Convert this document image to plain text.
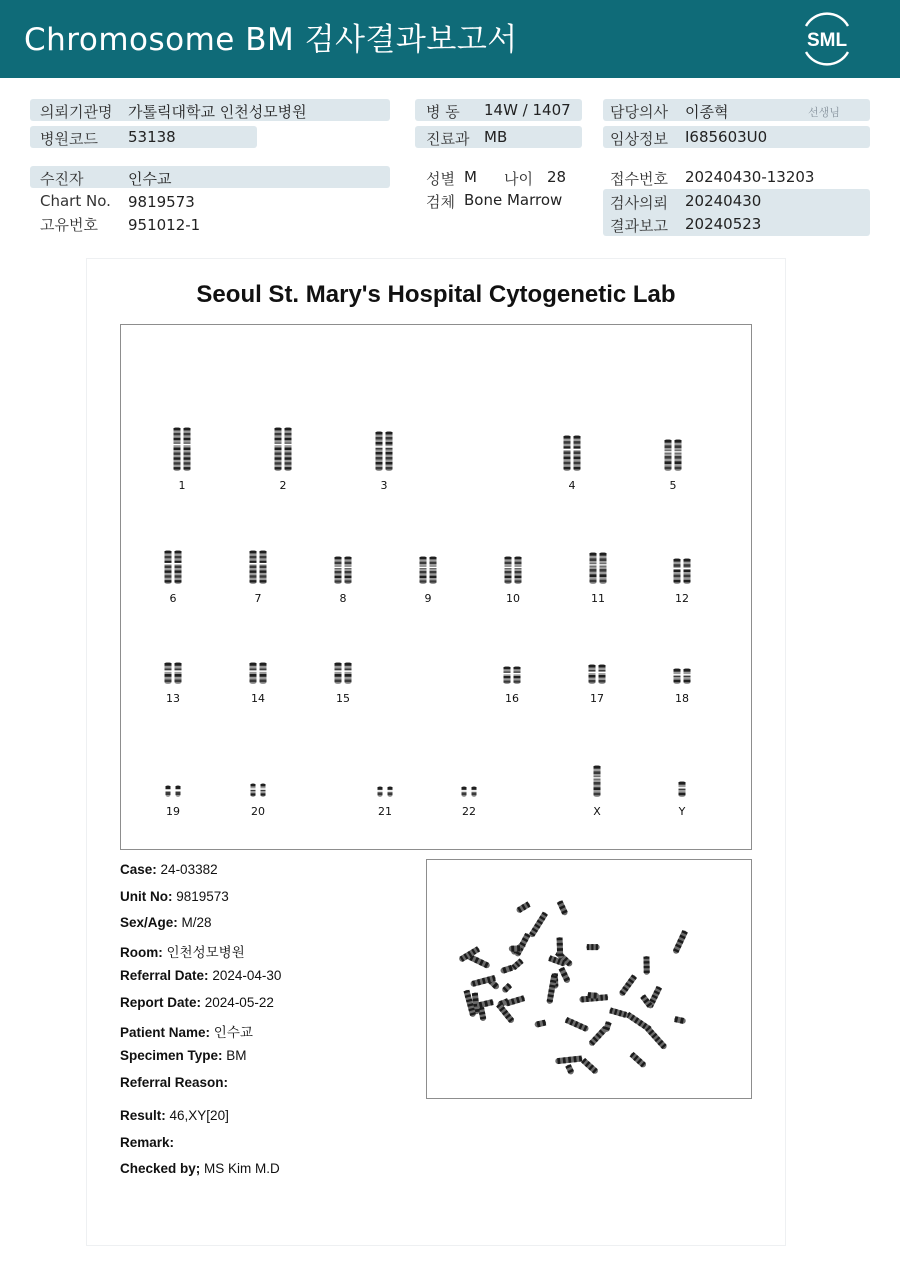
Chromosome BM 검사결과보고서	SML
의뢰기관명 가톨릭대학교 인천성모병원
병원코드 53138
병 동 14W / 1407
진료과 MB
담당의사 이종혁	선생님
임상정보 I685603U0
수진자	인수교
Chart No. 9819573
고유번호 951012-1
성별 M 나이 28
검체 Bone Marrow
접수번호 20240430-13203
검사의뢰 20240430
결과보고 20240523
Seoul St. Mary's Hospital Cytogenetic Lab
1	2	3	4	5
6	7	8	9	10	11	12
13	14	15	16	17	18
19	20	21	22	X	Y
Case: 24-03382
Unit No: 9819573
Sex/Age: M/28
Room: 인천성모병원
Referral Date: 2024-04-30
Report Date: 2024-05-22
Patient Name: 인수교
Specimen Type: BM
Referral Reason:
Result: 46,XY[20]
Remark:
Checked by; MS Kim M.D
